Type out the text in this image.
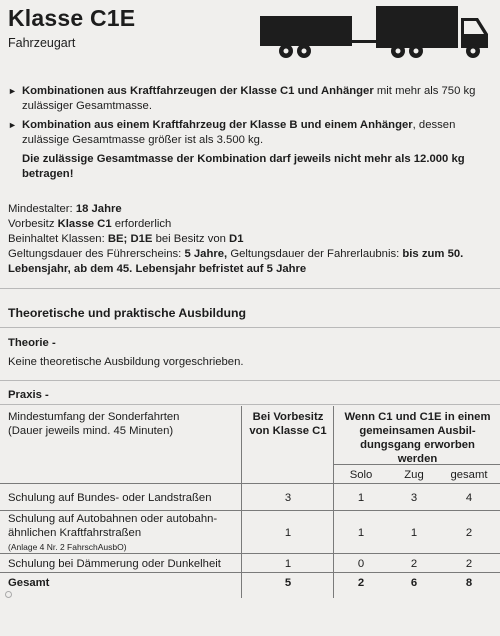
Klasse C1E
Fahrzeugart
► Kombinationen aus Kraftfahrzeugen der Klasse C1 und Anhänger mit mehr als 750 kg zulässiger Gesamtmasse.
► Kombination aus einem Kraftfahrzeug der Klasse B und einem Anhänger, dessen zulässige Gesamtmasse größer ist als 3.500 kg.
Die zulässige Gesamtmasse der Kombination darf jeweils nicht mehr als 12.000 kg betragen!
Mindestalter: 18 Jahre
Vorbesitz Klasse C1 erforderlich
Beinhaltet Klassen: BE; D1E bei Besitz von D1
Geltungsdauer des Führerscheins: 5 Jahre, Geltungsdauer der Fahrerlaubnis: bis zum 50. Lebensjahr, ab dem 45. Lebensjahr befristet auf 5 Jahre
Theoretische und praktische Ausbildung
Theorie -
Keine theoretische Ausbildung vorgeschrieben.
Praxis -
Mindestumfang der Sonderfahrten
(Dauer jeweils mind. 45 Minuten)
Bei Vorbesitz
von Klasse C1
Wenn C1 und C1E in einem
gemeinsamen Ausbil-
dungsgang erworben
werden
Solo	Zug	gesamt
Schulung auf Bundes- oder Landstraßen	3	1	3	4
Schulung auf Autobahnen oder autobahn-
ähnlichen Kraftfahrstraßen
(Anlage 4 Nr. 2 FahrschAusbO)
1	1	1	2
Schulung bei Dämmerung oder Dunkelheit	1	0	2	2
Gesamt	5	2	6	8
